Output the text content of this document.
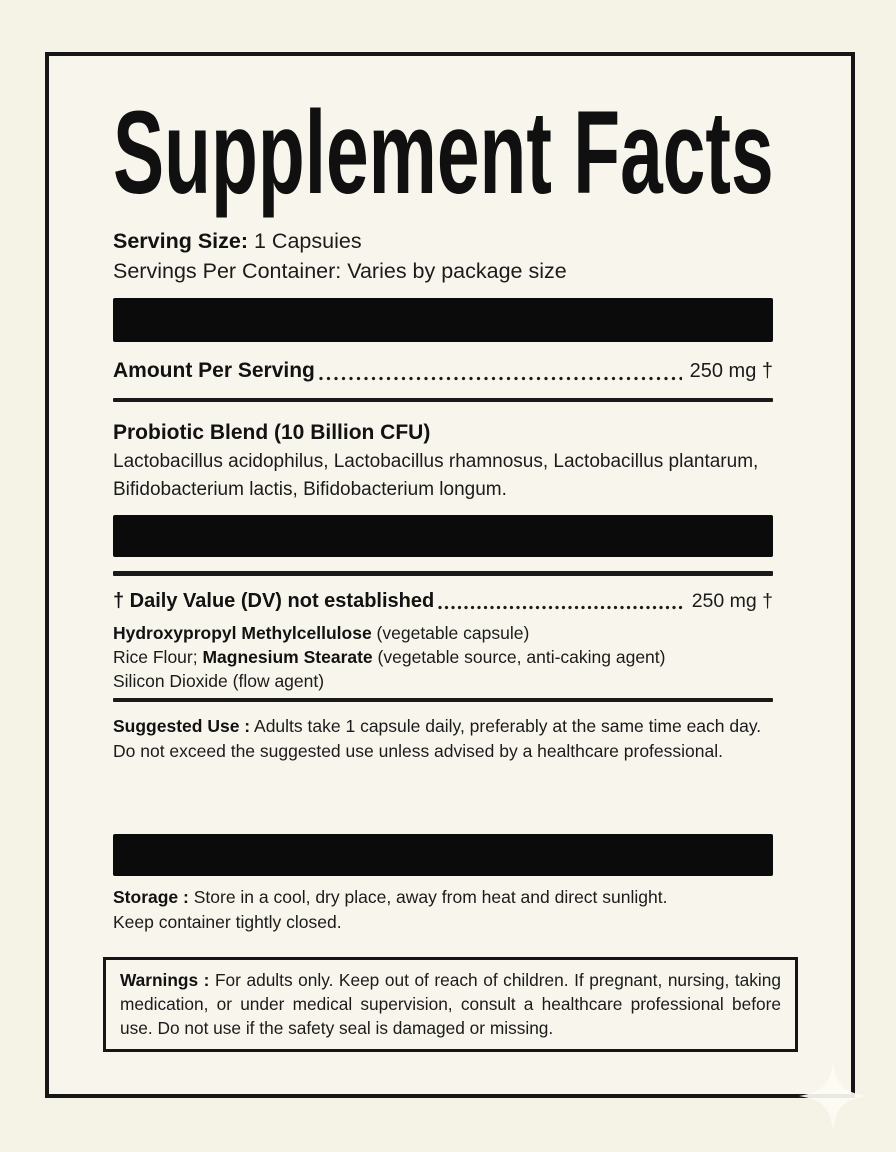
Supplement Facts
Serving Size: 1 Capsuies
Servings Per Container: Varies by package size
Amount Per Serving	250 mg †
Probiotic Blend (10 Billion CFU)
Lactobacillus acidophilus, Lactobacillus rhamnosus, Lactobacillus plantarum, Bifidobacterium lactis, Bifidobacterium longum.
† Daily Value (DV) not established	250 mg †
Hydroxypropyl Methylcellulose (vegetable capsule)
Rice Flour; Magnesium Stearate (vegetable source, anti-caking agent)
Silicon Dioxide (flow agent)
Suggested Use : Adults take 1 capsule daily, preferably at the same time each day. Do not exceed the suggested use unless advised by a healthcare professional.
Storage : Store in a cool, dry place, away from heat and direct sunlight.
Keep container tightly closed.
Warnings : For adults only. Keep out of reach of children. If pregnant, nursing, taking medication, or under medical supervision, consult a healthcare professional before use. Do not use if the safety seal is damaged or missing.
